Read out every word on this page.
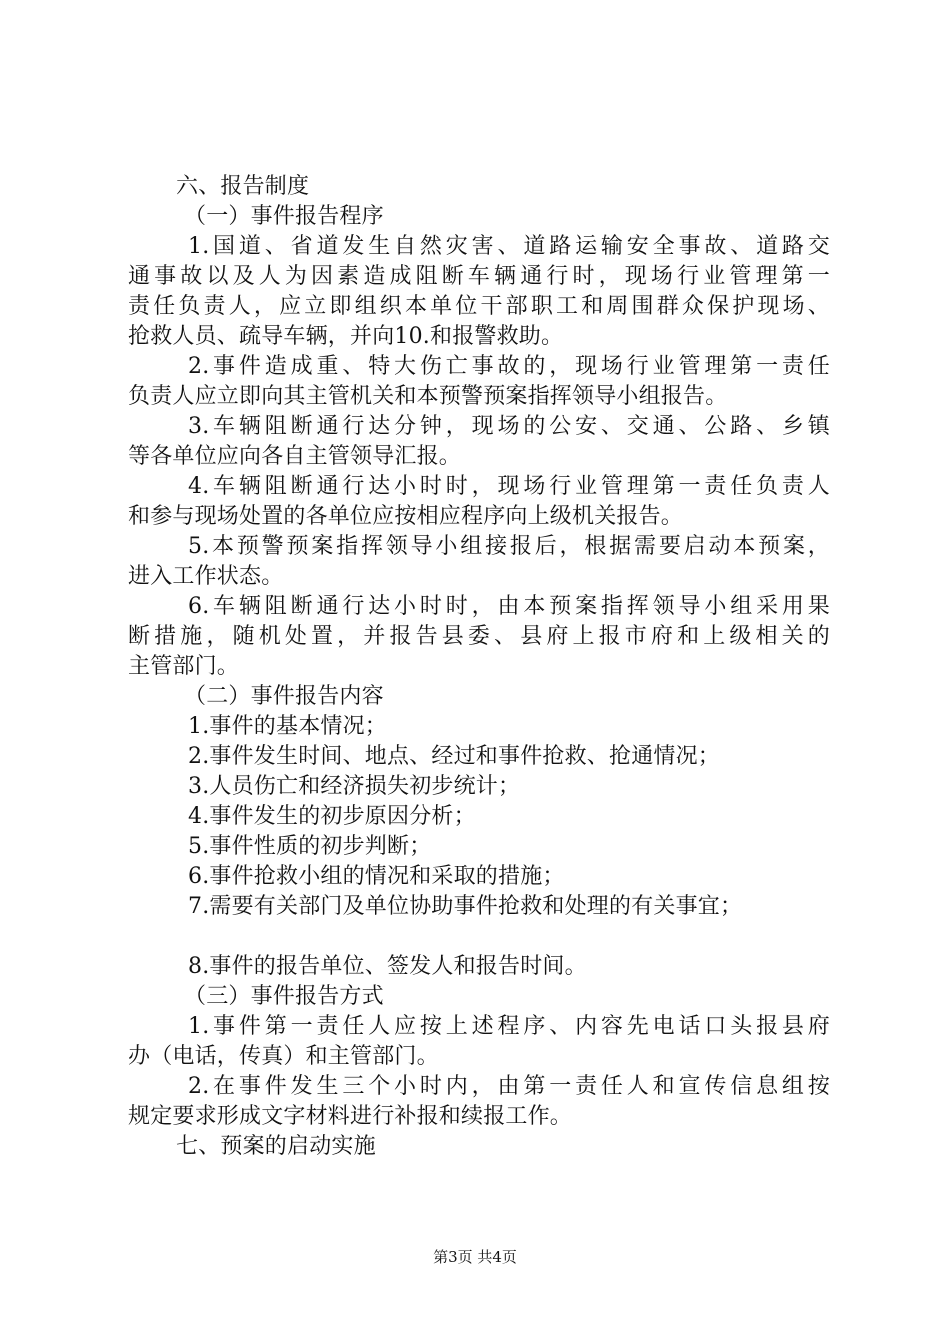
六、报告制度
（一）事件报告程序
1.国道、省道发生自然灾害、道路运输安全事故、道路交
通事故以及人为因素造成阻断车辆通行时，现场行业管理第一
责任负责人，应立即组织本单位干部职工和周围群众保护现场、
抢救人员、疏导车辆，并向10.和报警救助。
2.事件造成重、特大伤亡事故的，现场行业管理第一责任
负责人应立即向其主管机关和本预警预案指挥领导小组报告。
3.车辆阻断通行达分钟，现场的公安、交通、公路、乡镇
等各单位应向各自主管领导汇报。
4.车辆阻断通行达小时时，现场行业管理第一责任负责人
和参与现场处置的各单位应按相应程序向上级机关报告。
5.本预警预案指挥领导小组接报后，根据需要启动本预案，
进入工作状态。
6.车辆阻断通行达小时时，由本预案指挥领导小组采用果
断措施，随机处置，并报告县委、县府上报市府和上级相关的
主管部门。
（二）事件报告内容
1.事件的基本情况；
2.事件发生时间、地点、经过和事件抢救、抢通情况；
3.人员伤亡和经济损失初步统计；
4.事件发生的初步原因分析；
5.事件性质的初步判断；
6.事件抢救小组的情况和采取的措施；
7.需要有关部门及单位协助事件抢救和处理的有关事宜；
8.事件的报告单位、签发人和报告时间。
（三）事件报告方式
1.事件第一责任人应按上述程序、内容先电话口头报县府
办（电话，传真）和主管部门。
2.在事件发生三个小时内，由第一责任人和宣传信息组按
规定要求形成文字材料进行补报和续报工作。
七、预案的启动实施
第3页 共4页
